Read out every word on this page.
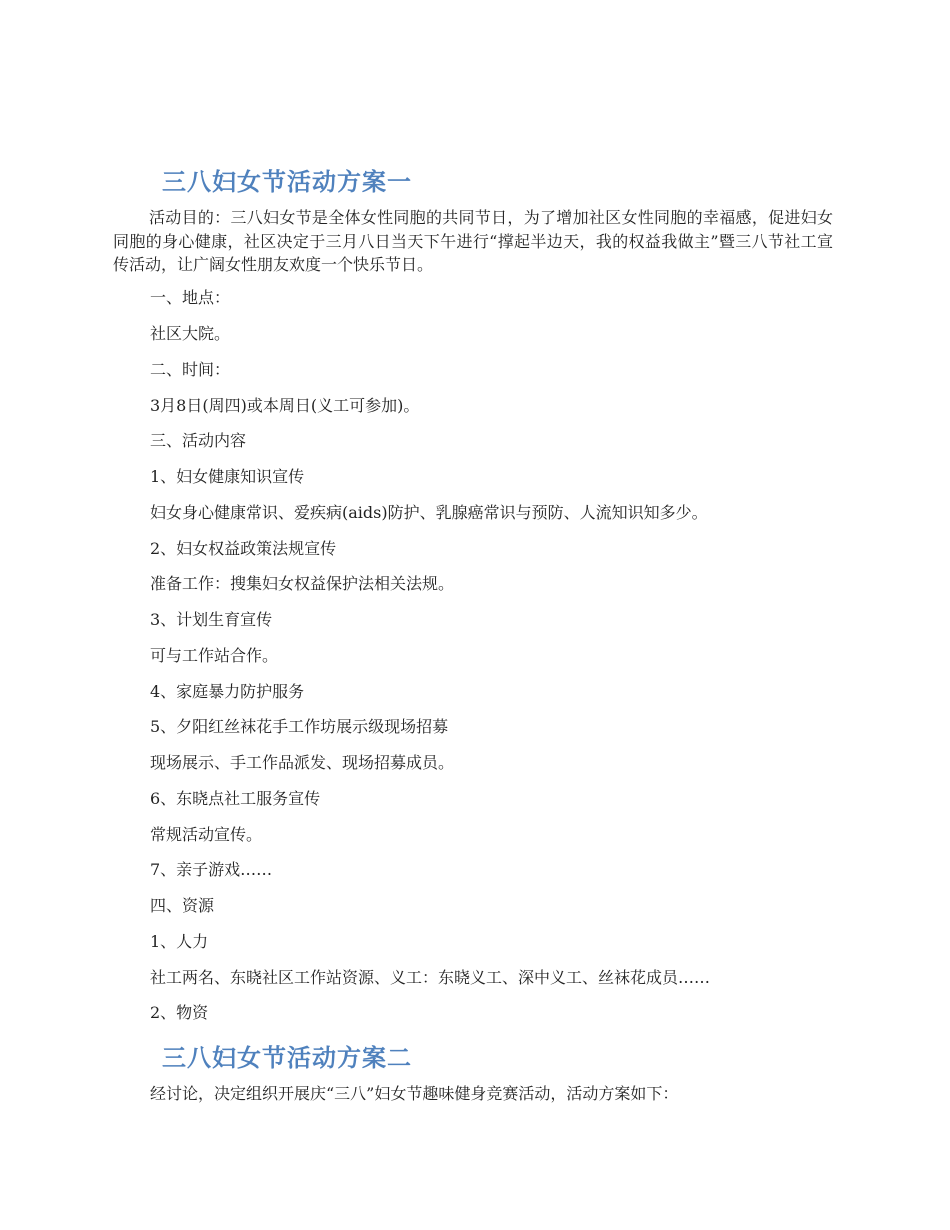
三八妇女节活动方案一

活动目的：三八妇女节是全体女性同胞的共同节日，为了增加社区女性同胞的幸福感，促进妇女同胞的身心健康，社区决定于三月八日当天下午进行“撑起半边天，我的权益我做主”暨三八节社工宣传活动，让广阔女性朋友欢度一个快乐节日。

一、地点：

社区大院。

二、时间：

3月8日(周四)或本周日(义工可参加)。

三、活动内容

1、妇女健康知识宣传

妇女身心健康常识、爱疾病(aids)防护、乳腺癌常识与预防、人流知识知多少。

2、妇女权益政策法规宣传

准备工作：搜集妇女权益保护法相关法规。

3、计划生育宣传

可与工作站合作。

4、家庭暴力防护服务

5、夕阳红丝袜花手工作坊展示级现场招募

现场展示、手工作品派发、现场招募成员。

6、东晓点社工服务宣传

常规活动宣传。

7、亲子游戏……

四、资源

1、人力

社工两名、东晓社区工作站资源、义工：东晓义工、深中义工、丝袜花成员……

2、物资

三八妇女节活动方案二

经讨论，决定组织开展庆“三八”妇女节趣味健身竞赛活动，活动方案如下：
